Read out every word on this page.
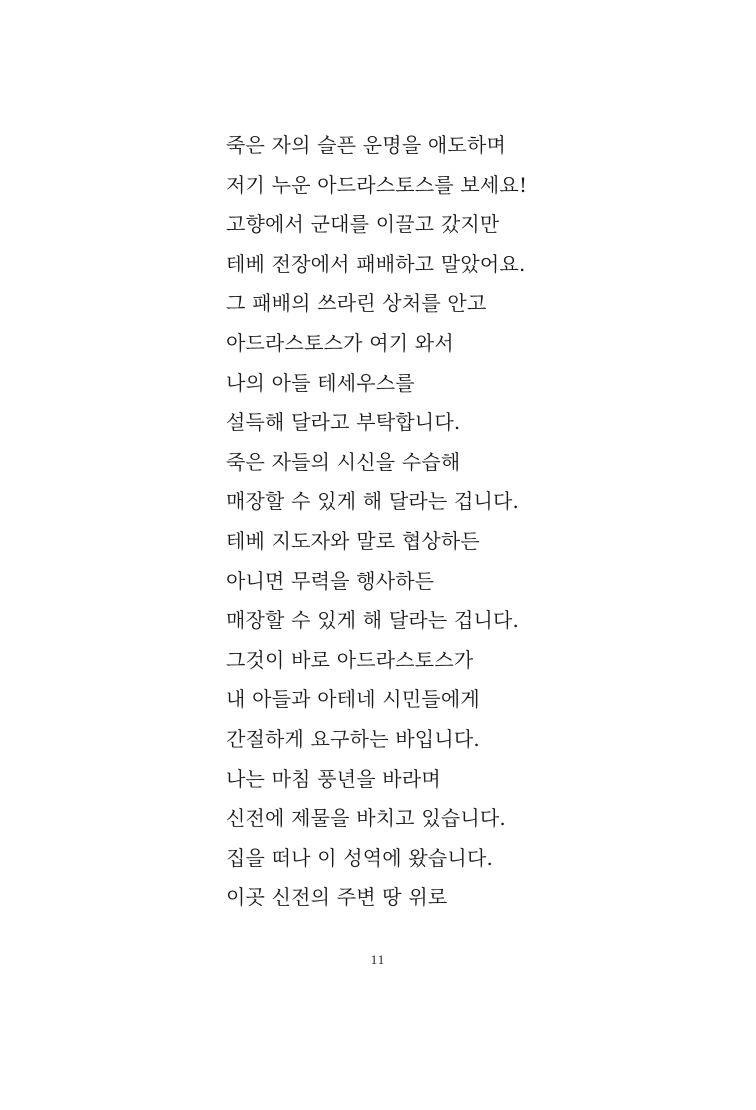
죽은 자의 슬픈 운명을 애도하며
저기 누운 아드라스토스를 보세요!
고향에서 군대를 이끌고 갔지만
테베 전장에서 패배하고 말았어요.
그 패배의 쓰라린 상처를 안고
아드라스토스가 여기 와서
나의 아들 테세우스를
설득해 달라고 부탁합니다.
죽은 자들의 시신을 수습해
매장할 수 있게 해 달라는 겁니다.
테베 지도자와 말로 협상하든
아니면 무력을 행사하든
매장할 수 있게 해 달라는 겁니다.
그것이 바로 아드라스토스가
내 아들과 아테네 시민들에게
간절하게 요구하는 바입니다.
나는 마침 풍년을 바라며
신전에 제물을 바치고 있습니다.
집을 떠나 이 성역에 왔습니다.
이곳 신전의 주변 땅 위로
11
